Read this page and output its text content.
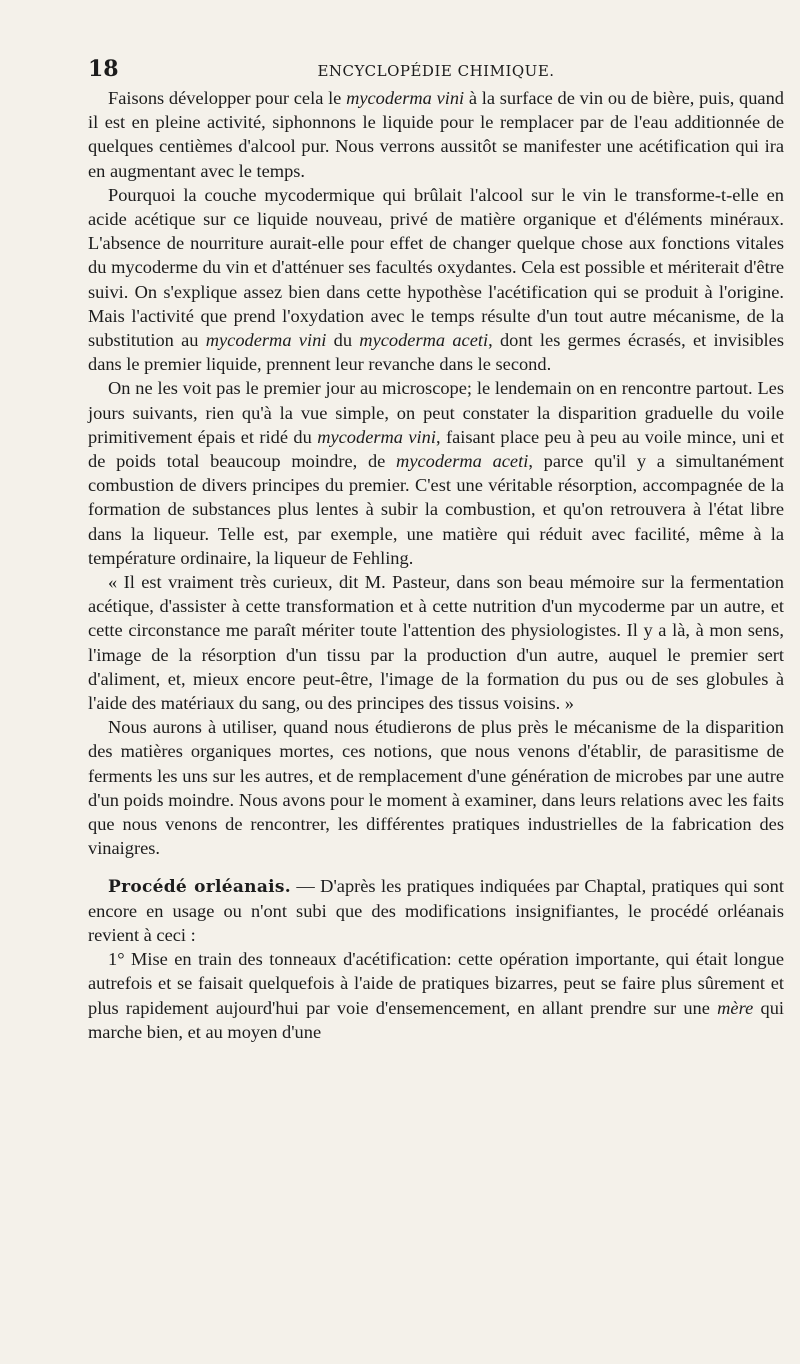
18	ENCYCLOPÉDIE CHIMIQUE.

Faisons développer pour cela le mycoderma vini à la surface de vin ou de bière, puis, quand il est en pleine activité, siphonnons le liquide pour le remplacer par de l'eau additionnée de quelques centièmes d'alcool pur. Nous verrons aussitôt se manifester une acétification qui ira en augmentant avec le temps.

Pourquoi la couche mycodermique qui brûlait l'alcool sur le vin le transforme-t-elle en acide acétique sur ce liquide nouveau, privé de matière organique et d'éléments minéraux. L'absence de nourriture aurait-elle pour effet de changer quelque chose aux fonctions vitales du mycoderme du vin et d'atténuer ses facultés oxydantes. Cela est possible et mériterait d'être suivi. On s'explique assez bien dans cette hypothèse l'acétification qui se produit à l'origine. Mais l'activité que prend l'oxydation avec le temps résulte d'un tout autre mécanisme, de la substitution au mycoderma vini du mycoderma aceti, dont les germes écrasés, et invisibles dans le premier liquide, prennent leur revanche dans le second.

On ne les voit pas le premier jour au microscope; le lendemain on en rencontre partout. Les jours suivants, rien qu'à la vue simple, on peut constater la disparition graduelle du voile primitivement épais et ridé du mycoderma vini, faisant place peu à peu au voile mince, uni et de poids total beaucoup moindre, de mycoderma aceti, parce qu'il y a simultanément combustion de divers principes du premier. C'est une véritable résorption, accompagnée de la formation de substances plus lentes à subir la combustion, et qu'on retrouvera à l'état libre dans la liqueur. Telle est, par exemple, une matière qui réduit avec facilité, même à la température ordinaire, la liqueur de Fehling.

« Il est vraiment très curieux, dit M. Pasteur, dans son beau mémoire sur la fermentation acétique, d'assister à cette transformation et à cette nutrition d'un mycoderme par un autre, et cette circonstance me paraît mériter toute l'attention des physiologistes. Il y a là, à mon sens, l'image de la résorption d'un tissu par la production d'un autre, auquel le premier sert d'aliment, et, mieux encore peut-être, l'image de la formation du pus ou de ses globules à l'aide des matériaux du sang, ou des principes des tissus voisins. »

Nous aurons à utiliser, quand nous étudierons de plus près le mécanisme de la disparition des matières organiques mortes, ces notions, que nous venons d'établir, de parasitisme de ferments les uns sur les autres, et de remplacement d'une génération de microbes par une autre d'un poids moindre. Nous avons pour le moment à examiner, dans leurs relations avec les faits que nous venons de rencontrer, les différentes pratiques industrielles de la fabrication des vinaigres.

Procédé orléanais. — D'après les pratiques indiquées par Chaptal, pratiques qui sont encore en usage ou n'ont subi que des modifications insignifiantes, le procédé orléanais revient à ceci :

1° Mise en train des tonneaux d'acétification: cette opération importante, qui était longue autrefois et se faisait quelquefois à l'aide de pratiques bizarres, peut se faire plus sûrement et plus rapidement aujourd'hui par voie d'ensemencement, en allant prendre sur une mère qui marche bien, et au moyen d'une
